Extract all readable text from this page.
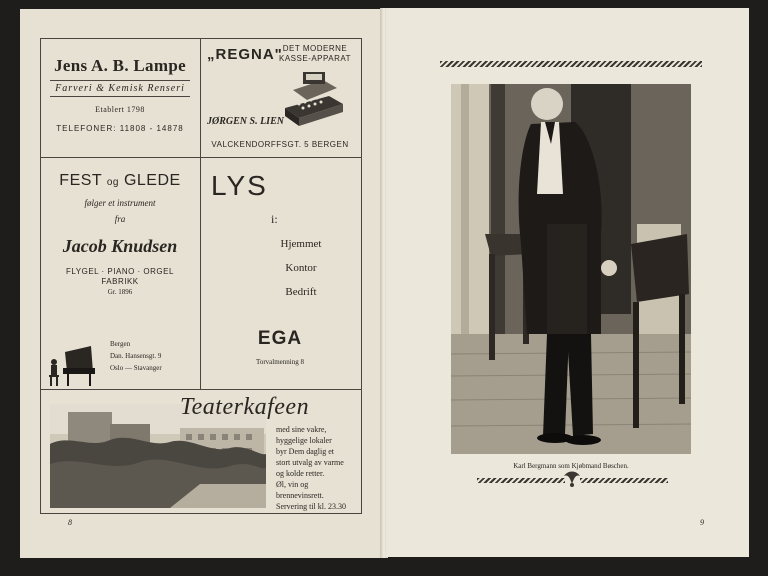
Jens A. B. Lampe
Farveri & Kemisk Renseri
Etablert 1798
TELEFONER: 11808 - 14878
„REGNA" DET MODERNE
KASSE-APPARAT
JØRGEN S. LIEN
VALCKENDORFFSGT. 5 BERGEN
FEST og GLEDE
følger et instrument
fra
Jacob Knudsen
FLYGEL · PIANO · ORGEL
FABRIKK
Gr. 1896
Bergen
Dan. Hansensgt. 9
Oslo — Stavanger
LYS
i:
Hjemmet
Kontor
Bedrift
EGA
Torvalmenning 8
Teaterkafeen
med sine vakre,
hyggelige lokaler
byr Dem daglig et
stort utvalg av varme
og kolde retter.
Øl, vin og
brennevinsrett.
Servering til kl. 23.30
8
Karl Bergmann som Kjøbmand Bøschen.
9
